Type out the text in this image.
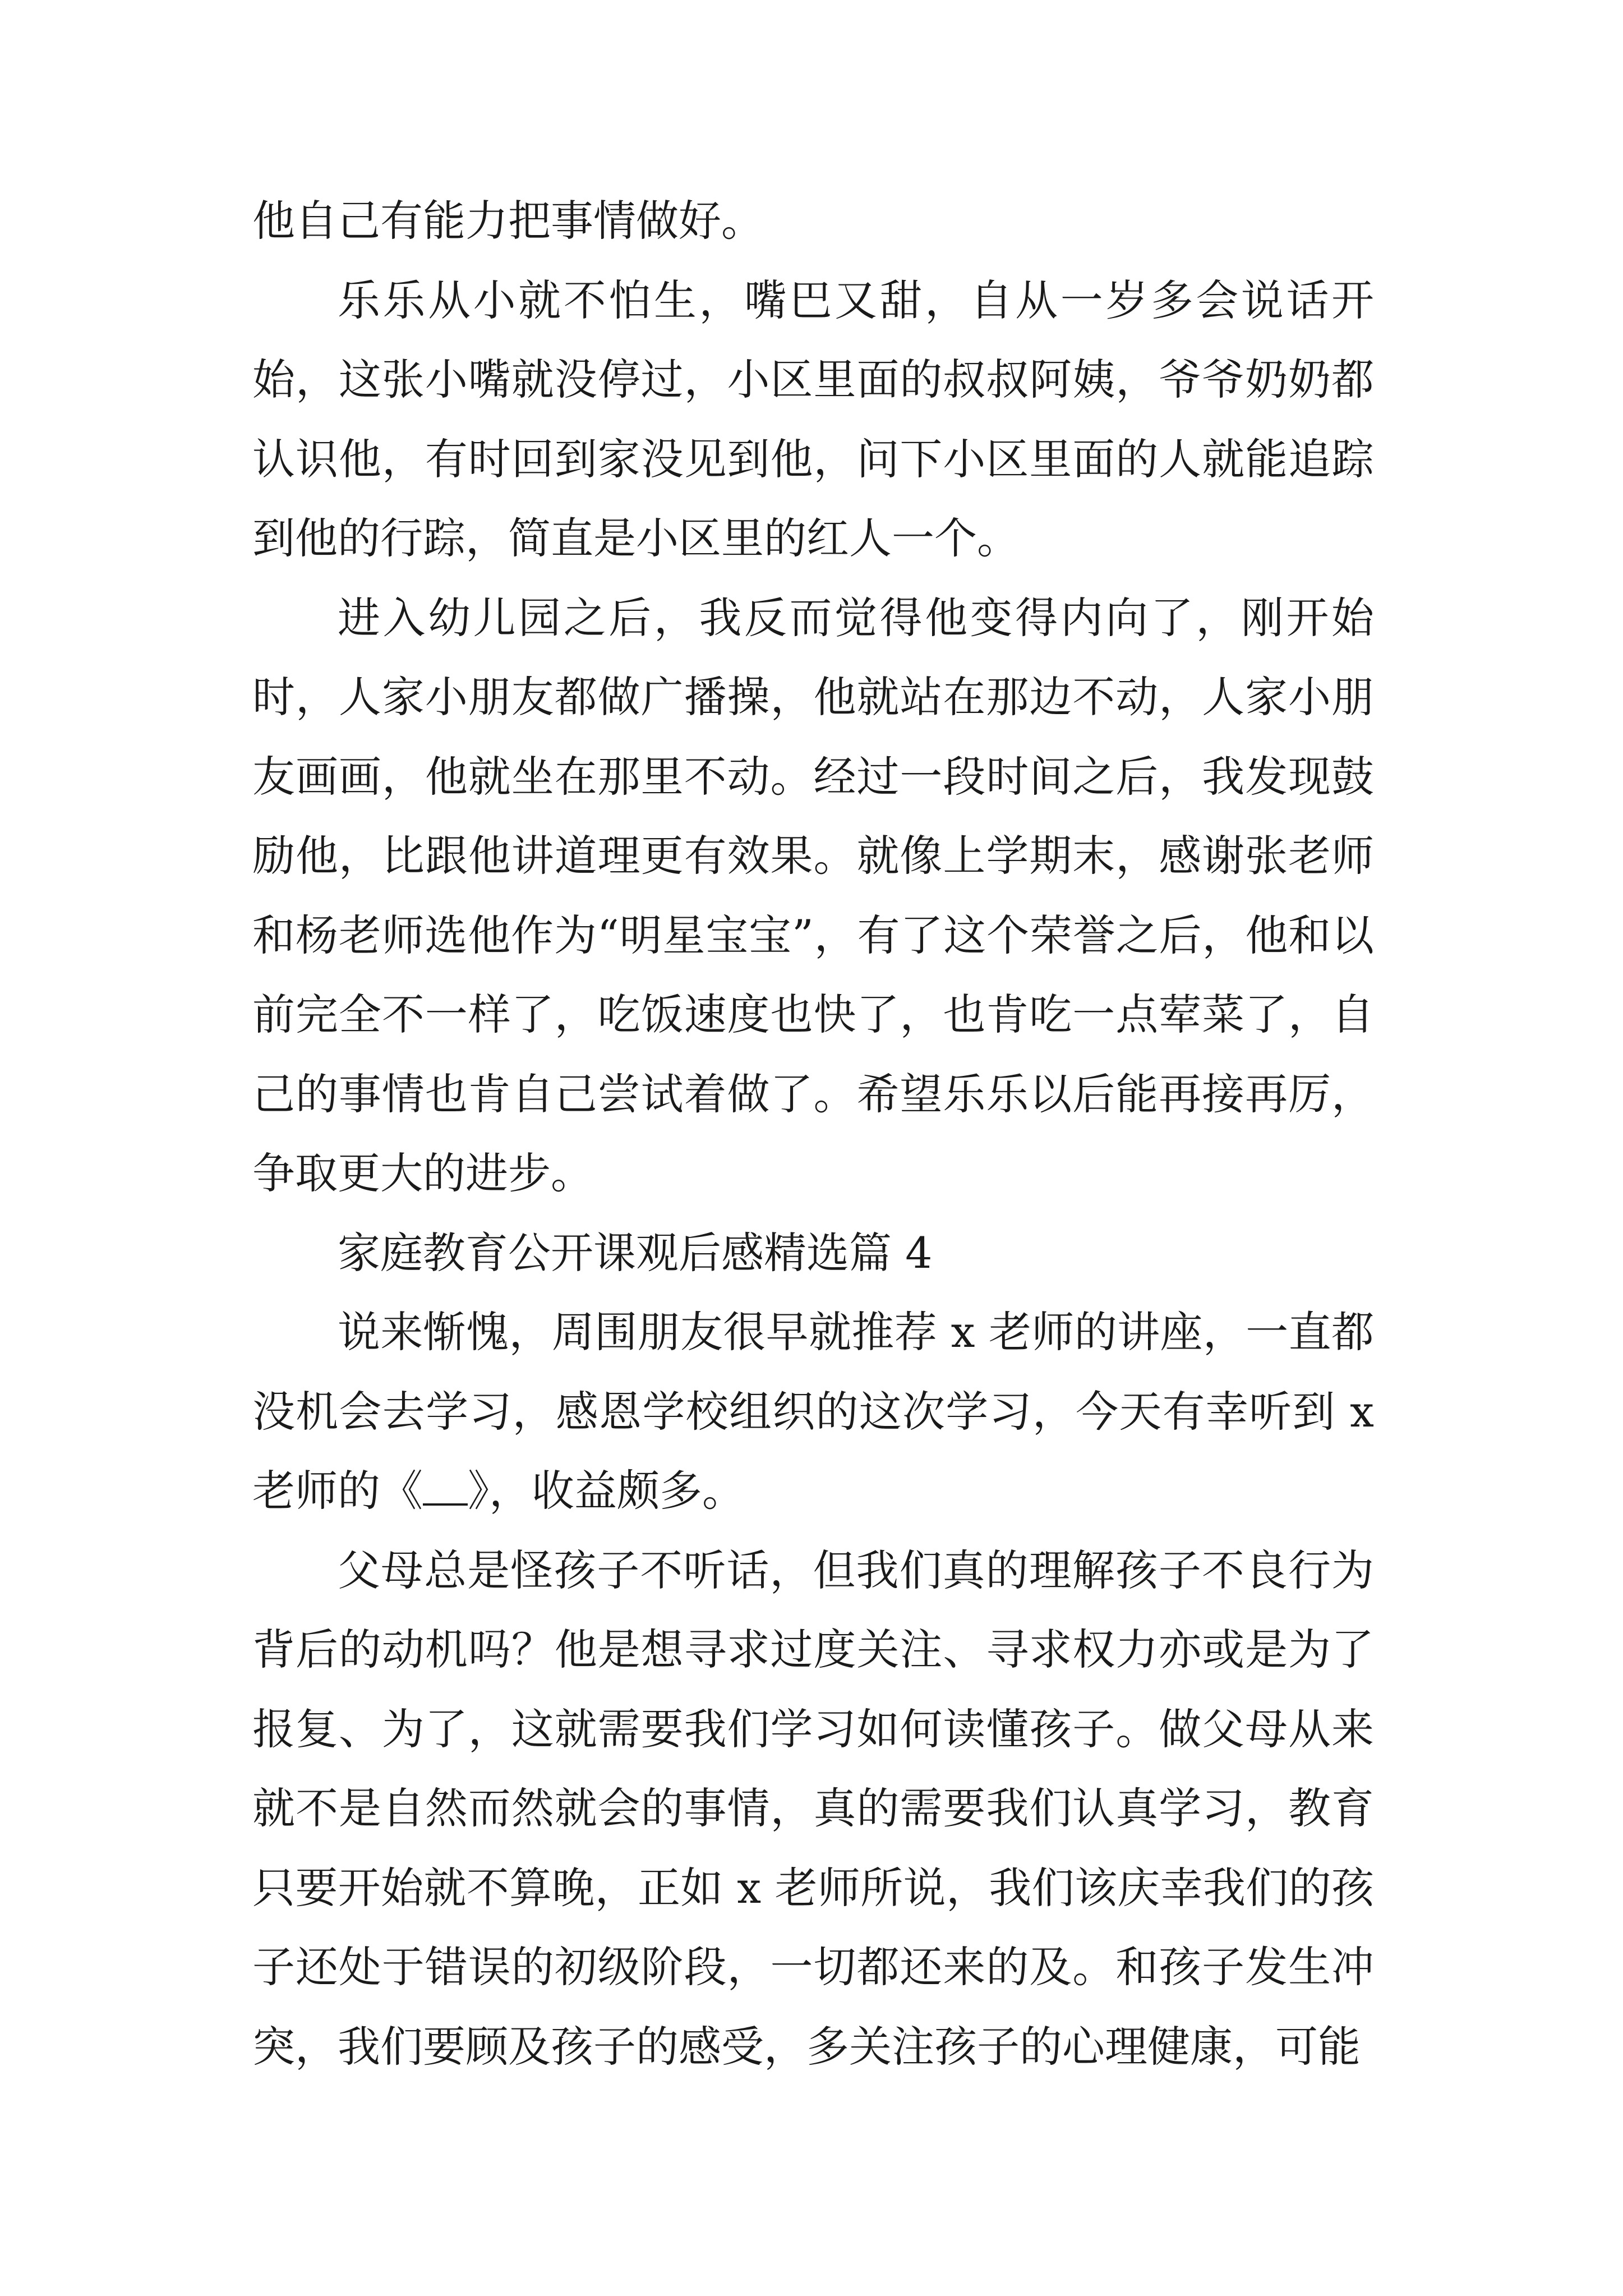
他自己有能力把事情做好。

乐乐从小就不怕生，嘴巴又甜，自从一岁多会说话开始，这张小嘴就没停过，小区里面的叔叔阿姨，爷爷奶奶都认识他，有时回到家没见到他，问下小区里面的人就能追踪到他的行踪，简直是小区里的红人一个。

进入幼儿园之后，我反而觉得他变得内向了，刚开始时，人家小朋友都做广播操，他就站在那边不动，人家小朋友画画，他就坐在那里不动。经过一段时间之后，我发现鼓励他，比跟他讲道理更有效果。就像上学期末，感谢张老师和杨老师选他作为“明星宝宝”，有了这个荣誉之后，他和以前完全不一样了，吃饭速度也快了，也肯吃一点荤菜了，自己的事情也肯自己尝试着做了。希望乐乐以后能再接再厉，争取更大的进步。

家庭教育公开课观后感精选篇 4

说来惭愧，周围朋友很早就推荐 x 老师的讲座，一直都没机会去学习，感恩学校组织的这次学习，今天有幸听到 x 老师的《 》，收益颇多。

父母总是怪孩子不听话，但我们真的理解孩子不良行为背后的动机吗？他是想寻求过度关注、寻求权力亦或是为了报复、为了，这就需要我们学习如何读懂孩子。做父母从来就不是自然而然就会的事情，真的需要我们认真学习，教育只要开始就不算晚，正如 x 老师所说，我们该庆幸我们的孩子还处于错误的初级阶段，一切都还来的及。和孩子发生冲突，我们要顾及孩子的感受，多关注孩子的心理健康，可能
